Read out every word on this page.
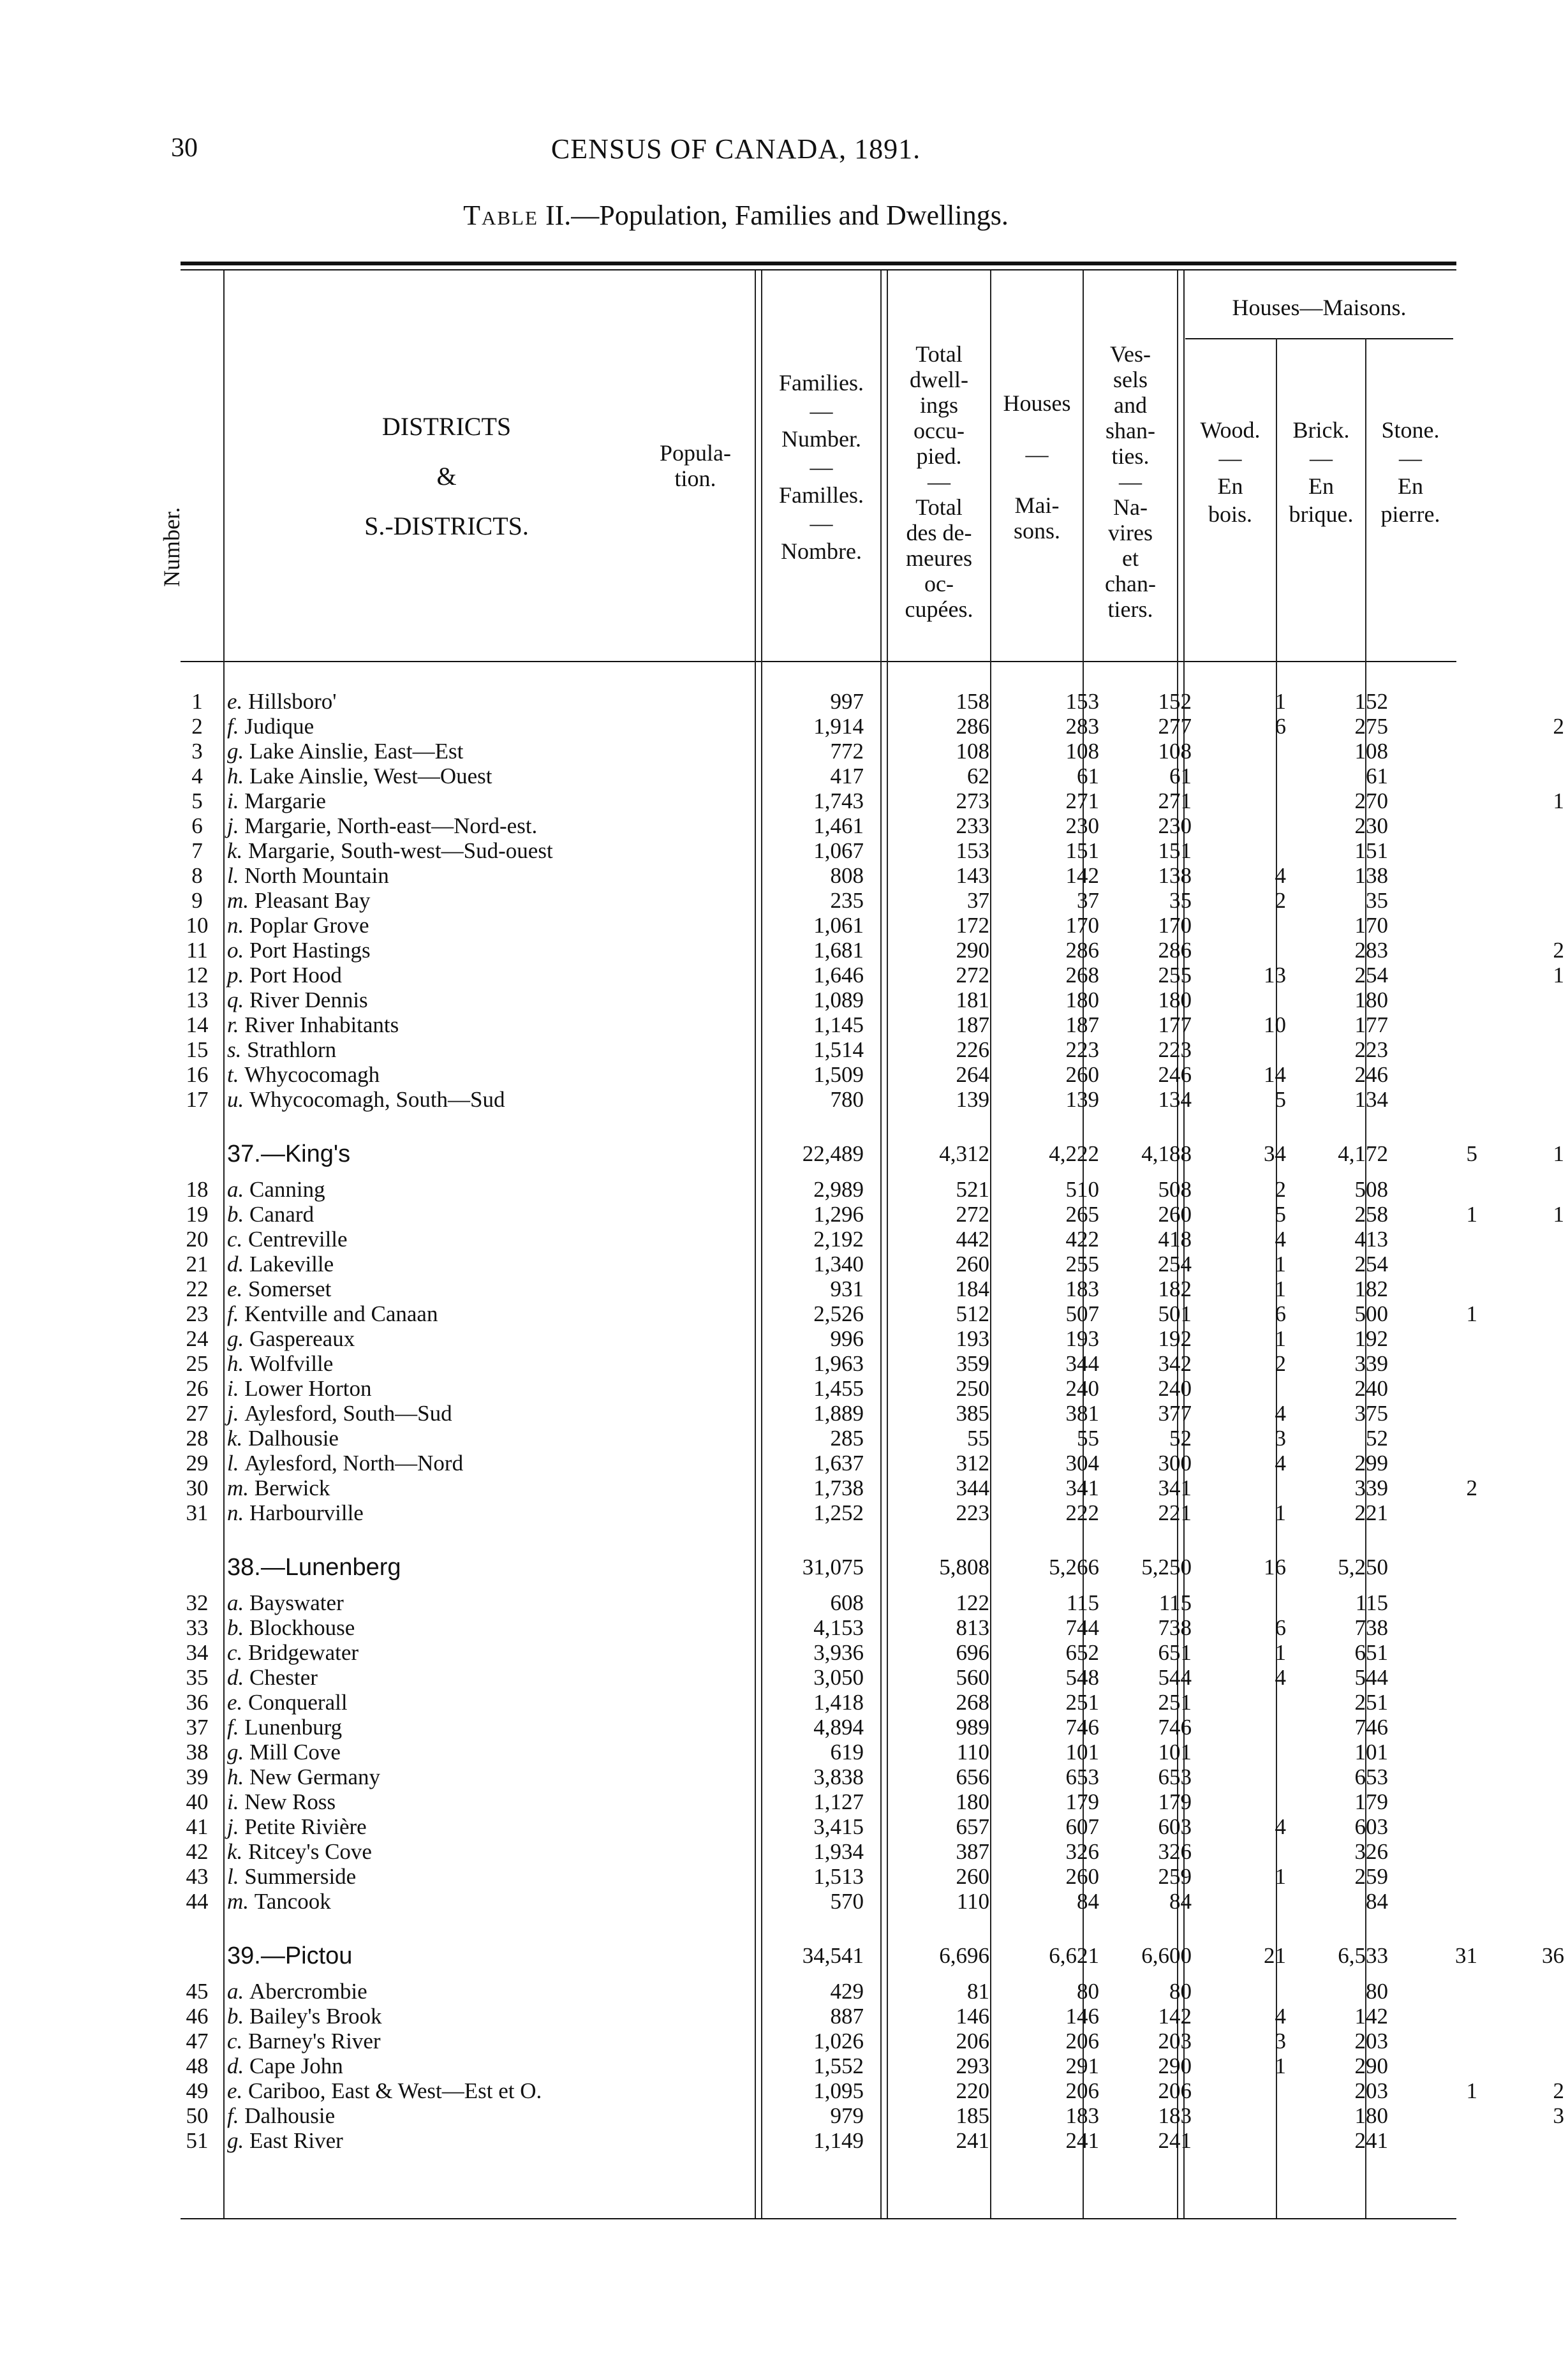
30	CENSUS OF CANADA, 1891.
Table II.—Population, Families and Dwellings.
Number.
DISTRICTS
&
S.-DISTRICTS.
Popula-
tion.
Families.
—
Number.
—
Familles.
—
Nombre.
Total
dwell-
ings
occu-
pied.
—
Total
des de-
meures
oc-
cupées.
Houses

—

Mai-
sons.
Ves-
sels
and
shan-
ties.
—
Na-
vires
et
chan-
tiers.
Houses—Maisons.
Wood.
—
En
bois.
Brick.
—
En
brique.
Stone.
—
En
pierre.
1	e. Hillsboro'	997	158	153	152	1	152		
2	f. Judique	1,914	286	283	277	6	275		2
3	g. Lake Ainslie, East—Est	772	108	108	108		108		
4	h. Lake Ainslie, West—Ouest	417	62	61	61		61		
5	i. Margarie	1,743	273	271	271		270		1
6	j. Margarie, North-east—Nord-est.	1,461	233	230	230		230		
7	k. Margarie, South-west—Sud-ouest	1,067	153	151	151		151		
8	l. North Mountain	808	143	142	138	4	138		
9	m. Pleasant Bay	235	37	37	35	2	35		
10	n. Poplar Grove	1,061	172	170	170		170		
11	o. Port Hastings	1,681	290	286	286		283		2
12	p. Port Hood	1,646	272	268	255	13	254		1
13	q. River Dennis	1,089	181	180	180		180		
14	r. River Inhabitants	1,145	187	187	177	10	177		
15	s. Strathlorn	1,514	226	223	223		223		
16	t. Whycocomagh	1,509	264	260	246	14	246		
17	u. Whycocomagh, South—Sud	780	139	139	134	5	134		

	37.—King's	22,489	4,312	4,222	4,188	34	4,172	5	1
18	a. Canning	2,989	521	510	508	2	508		
19	b. Canard	1,296	272	265	260	5	258	1	1
20	c. Centreville	2,192	442	422	418	4	413		
21	d. Lakeville	1,340	260	255	254	1	254		
22	e. Somerset	931	184	183	182	1	182		
23	f. Kentville and Canaan	2,526	512	507	501	6	500	1	
24	g. Gaspereaux	996	193	193	192	1	192		
25	h. Wolfville	1,963	359	344	342	2	339		
26	i. Lower Horton	1,455	250	240	240		240		
27	j. Aylesford, South—Sud	1,889	385	381	377	4	375		
28	k. Dalhousie	285	55	55	52	3	52		
29	l. Aylesford, North—Nord	1,637	312	304	300	4	299		
30	m. Berwick	1,738	344	341	341		339	2	
31	n. Harbourville	1,252	223	222	221	1	221		

	38.—Lunenberg	31,075	5,808	5,266	5,250	16	5,250		
32	a. Bayswater	608	122	115	115		115		
33	b. Blockhouse	4,153	813	744	738	6	738		
34	c. Bridgewater	3,936	696	652	651	1	651		
35	d. Chester	3,050	560	548	544	4	544		
36	e. Conquerall	1,418	268	251	251		251		
37	f. Lunenburg	4,894	989	746	746		746		
38	g. Mill Cove	619	110	101	101		101		
39	h. New Germany	3,838	656	653	653		653		
40	i. New Ross	1,127	180	179	179		179		
41	j. Petite Rivière	3,415	657	607	603	4	603		
42	k. Ritcey's Cove	1,934	387	326	326		326		
43	l. Summerside	1,513	260	260	259	1	259		
44	m. Tancook	570	110	84	84		84		

	39.—Pictou	34,541	6,696	6,621	6,600	21	6,533	31	36
45	a. Abercrombie	429	81	80	80		80		
46	b. Bailey's Brook	887	146	146	142	4	142		
47	c. Barney's River	1,026	206	206	203	3	203		
48	d. Cape John	1,552	293	291	290	1	290		
49	e. Cariboo, East & West—Est et O.	1,095	220	206	206		203	1	2
50	f. Dalhousie	979	185	183	183		180		3
51	g. East River	1,149	241	241	241		241		
